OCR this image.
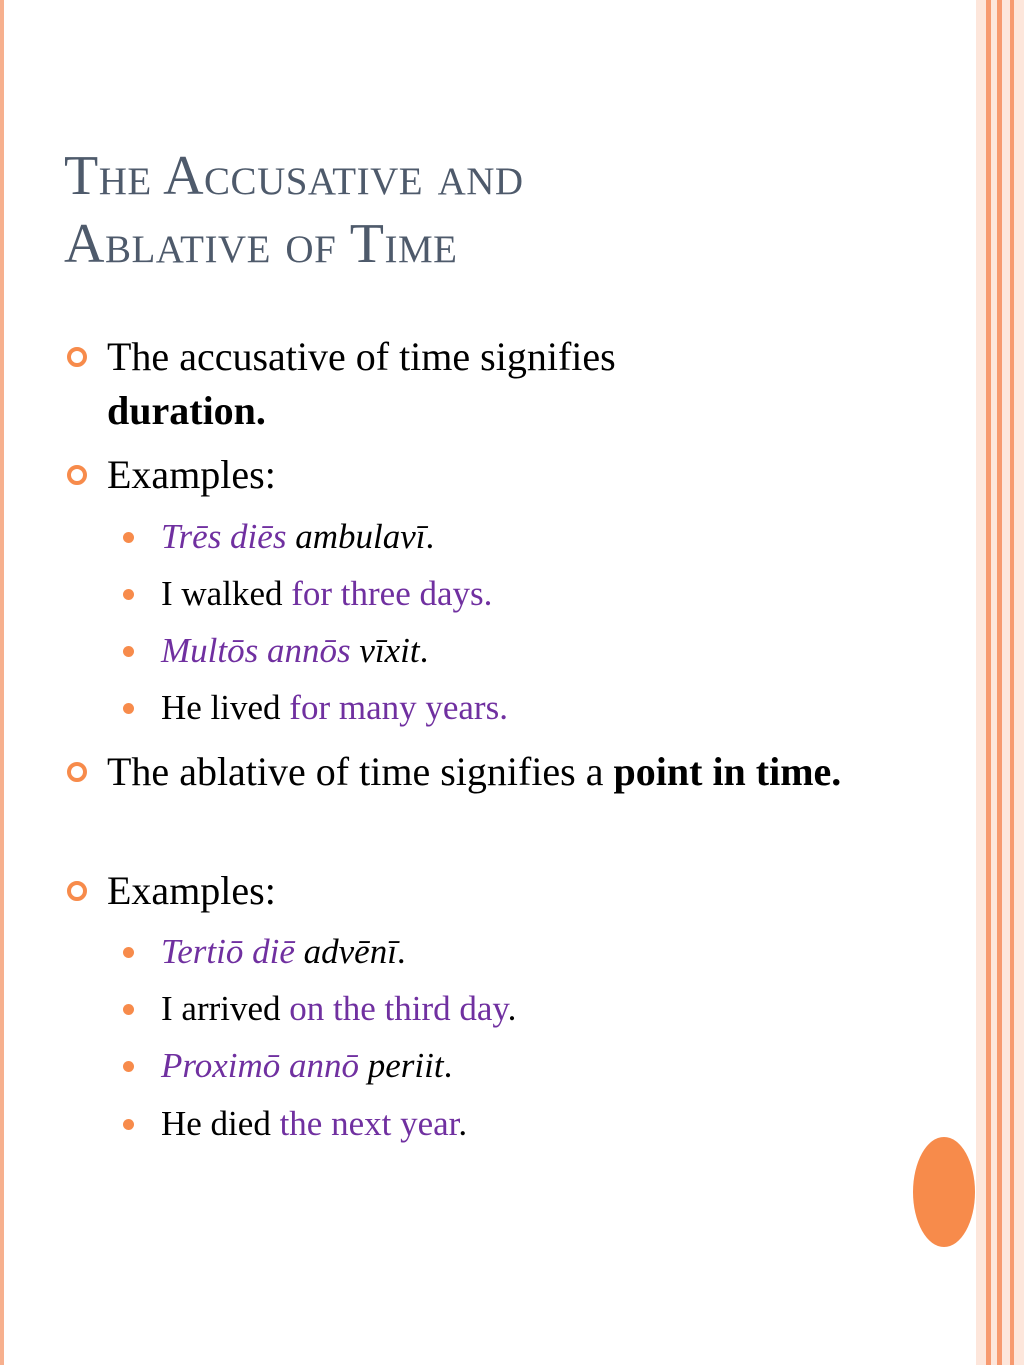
The Accusative and
Ablative of Time
The accusative of time signifies
duration.
Examples:
Trēs diēs ambulavī.
I walked for three days.
Multōs annōs vīxit.
He lived for many years.
The ablative of time signifies a point in time.
Examples:
Tertiō diē advēnī.
I arrived on the third day.
Proximō annō periit.
He died the next year.
